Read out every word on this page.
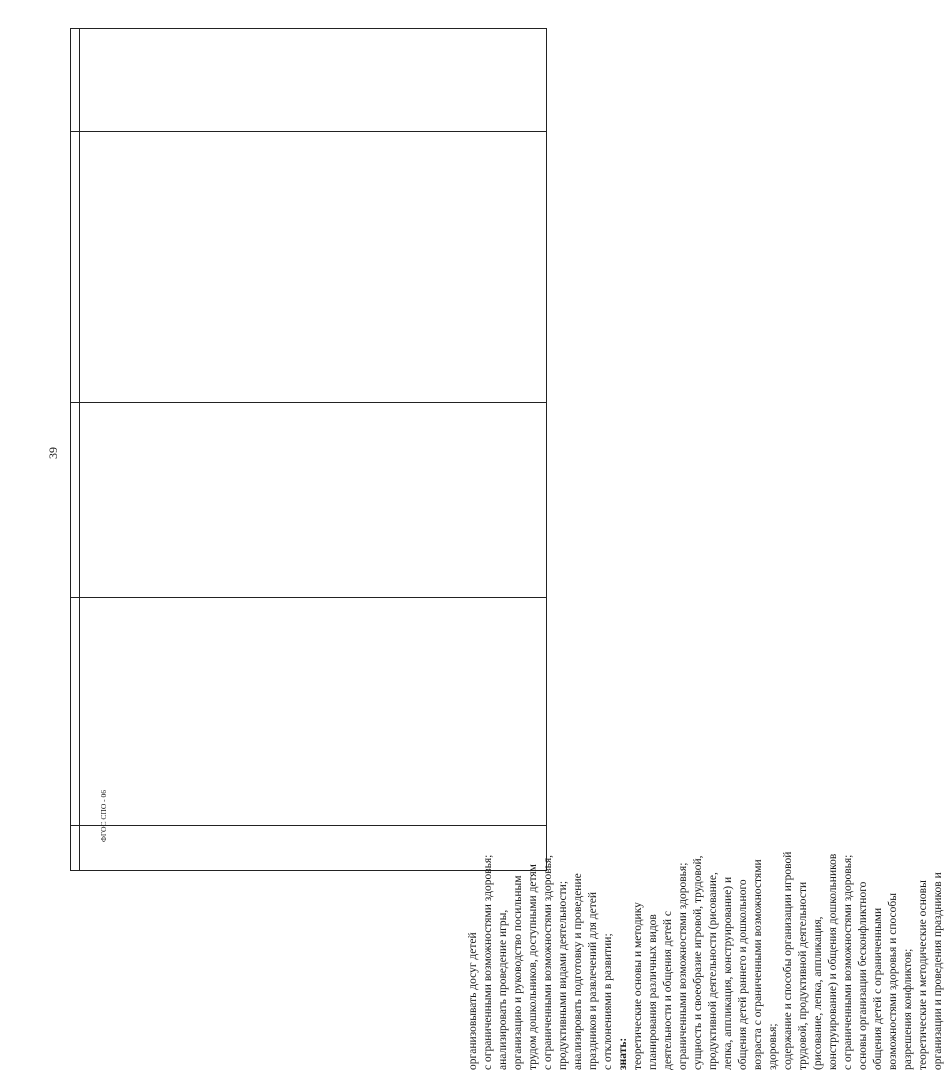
39
организовывать досуг детей с ограниченными возможностями здоровья; анализировать проведение игры, организацию и руководство посильным трудом дошкольников, доступными детям с ограниченными возможностями здоровья, продуктивными видами деятельности; анализировать подготовку и проведение праздников и развлечений для детей с отклонениями в развитии; знать: теоретические основы и методику планирования различных видов деятельности и общения детей с ограниченными возможностями здоровья; сущность и своеобразие игровой, трудовой, продуктивной деятельности (рисование, лепка, аппликация, конструирование) и общения детей раннего и дошкольного возраста с ограниченными возможностями здоровья; содержание и способы организации игровой трудовой, продуктивной деятельности (рисование, лепка, аппликация, конструирование) и общения дошкольников с ограниченными возможностями здоровья; основы организации бесконфликтного общения детей с ограниченными возможностями здоровья и способы разрешения конфликтов; теоретические и методические основы организации и проведения праздников и
ФГОС СПО - 06
